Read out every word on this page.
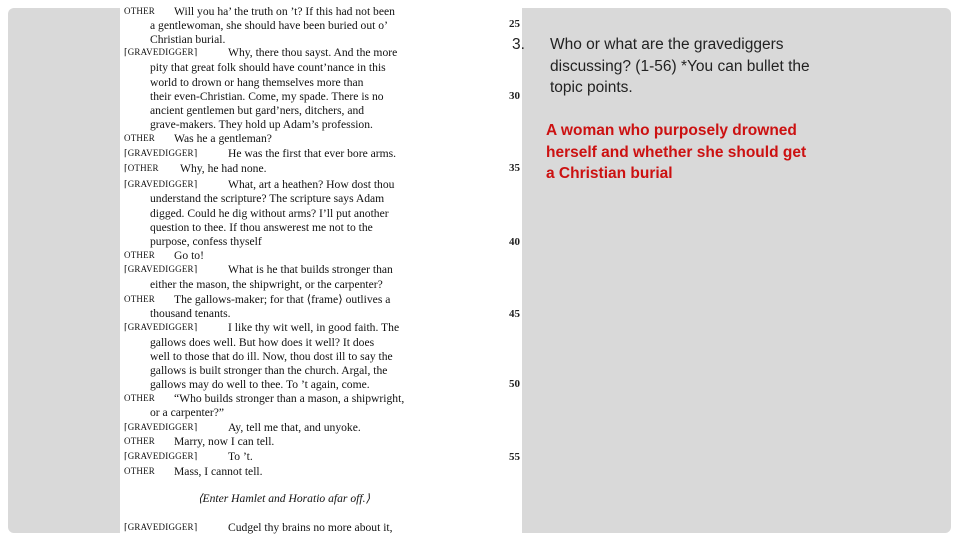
OTHER Will you ha’ the truth on ’t? If this had not been
a gentlewoman, she should have been buried out o’
Christian burial.
⌈GRAVEDIGGER⌉	Why, there thou sayst. And the more
pity that great folk should have count’nance in this
world to drown or hang themselves more than
their even-Christian. Come, my spade. There is no
ancient gentlemen but gard’ners, ditchers, and
grave-makers. They hold up Adam’s profession.
OTHER Was he a gentleman?
⌈GRAVEDIGGER⌉	He was the first that ever bore arms.
⌈OTHER Why, he had none.
⌈GRAVEDIGGER⌉	What, art a heathen? How dost thou
understand the scripture? The scripture says Adam
digged. Could he dig without arms? I’ll put another
question to thee. If thou answerest me not to the
purpose, confess thyself
OTHER Go to!
⌈GRAVEDIGGER⌉	What is he that builds stronger than
either the mason, the shipwright, or the carpenter?
OTHER The gallows-maker; for that ⟨frame⟩ outlives a
thousand tenants.
⌈GRAVEDIGGER⌉	I like thy wit well, in good faith. The
gallows does well. But how does it well? It does
well to those that do ill. Now, thou dost ill to say the
gallows is built stronger than the church. Argal, the
gallows may do well to thee. To ’t again, come.
OTHER “Who builds stronger than a mason, a shipwright,
or a carpenter?”
⌈GRAVEDIGGER⌉	Ay, tell me that, and unyoke.
OTHER Marry, now I can tell.
⌈GRAVEDIGGER⌉	To ’t.
OTHER Mass, I cannot tell.
⌈GRAVEDIGGER⌉	Cudgel thy brains no more about it,
⟨Enter Hamlet and Horatio afar off.⟩
25
30
35
40
45
50
55
3. Who or what are the gravediggers discussing? (1-56) *You can bullet the topic points.
A woman who purposely drowned herself and whether she should get a Christian burial
